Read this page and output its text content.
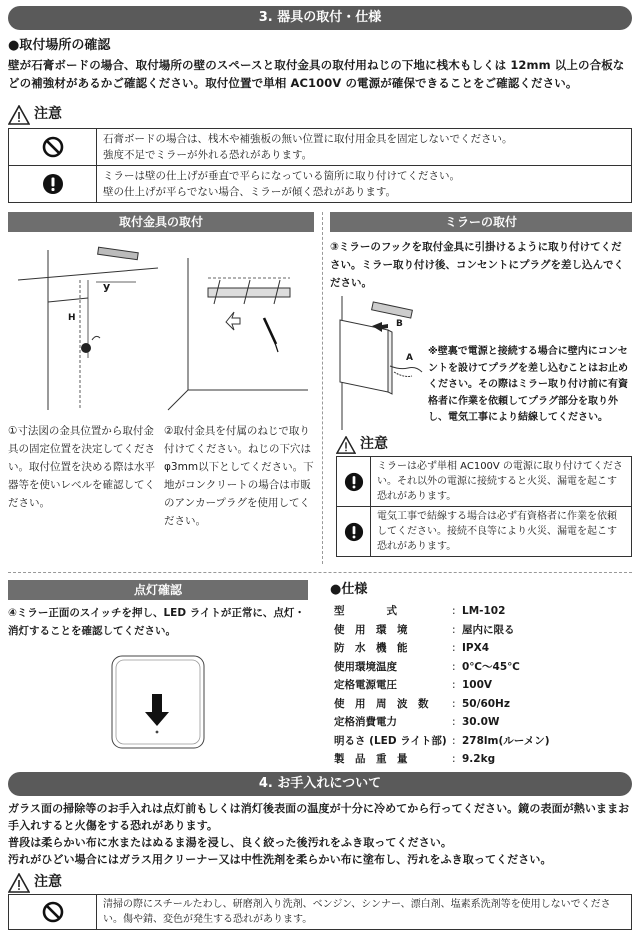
3. 器具の取付・仕様
●取付場所の確認
壁が石膏ボードの場合、取付場所の壁のスペースと取付金具の取付用ねじの下地に桟木もしくは 12mm 以上の合板などの補強材があるかご確認ください。取付位置で単相 AC100V の電源が確保できることをご確認ください。
注意
石膏ボードの場合は、桟木や補強板の無い位置に取付用金具を固定しないでください。
強度不足でミラーが外れる恐れがあります。
ミラーは壁の仕上げが垂直で平らになっている箇所に取り付けてください。
壁の仕上げが平らでない場合、ミラーが傾く恐れがあります。
取付金具の取付
y
H
①寸法図の金具位置から取付金具の固定位置を決定してください。取付位置を決める際は水平器等を使いレベルを確認してください。
②取付金具を付属のねじで取り付けてください。ねじの下穴はφ3mm以下としてください。下地がコンクリートの場合は市販のアンカープラグを使用してください。
ミラーの取付
③ミラーのフックを取付金具に引掛けるように取り付けてください。ミラー取り付け後、コンセントにプラグを差し込んでください。
B
A
※壁裏で電源と接続する場合に壁内にコンセントを設けてプラグを差し込むことはお止めください。その際はミラー取り付け前に有資格者に作業を依頼してプラグ部分を取り外し、電気工事により結線してください。
注意
ミラーは必ず単相 AC100V の電源に取り付けてください。それ以外の電源に接続すると火災、漏電を起こす恐れがあります。
電気工事で結線する場合は必ず有資格者に作業を依頼してください。接続不良等により火災、漏電を起こす恐れがあります。
点灯確認
④ミラー正面のスイッチを押し、LED ライトが正常に、点灯・消灯することを確認してください。
●仕様
型　　　　式	: LM-102
使　用　環　境	: 屋内に限る
防　水　機　能	: IPX4
使用環境温度	: 0℃〜45℃
定格電源電圧	: 100V
使　用　周　波　数	: 50/60Hz
定格消費電力	: 30.0W
明るさ (LED ライト部) : 278lm(ルーメン)
製　品　重　量	: 9.2kg
4. お手入れについて
ガラス面の掃除等のお手入れは点灯前もしくは消灯後表面の温度が十分に冷めてから行ってください。鏡の表面が熱いままお手入れすると火傷をする恐れがあります。
普段は柔らかい布に水またはぬるま湯を浸し、良く絞った後汚れをふき取ってください。
汚れがひどい場合にはガラス用クリーナー又は中性洗剤を柔らかい布に塗布し、汚れをふき取ってください。
注意
清掃の際にスチールたわし、研磨剤入り洗剤、ベンジン、シンナー、漂白剤、塩素系洗剤等を使用しないでください。傷や錆、変色が発生する恐れがあります。
